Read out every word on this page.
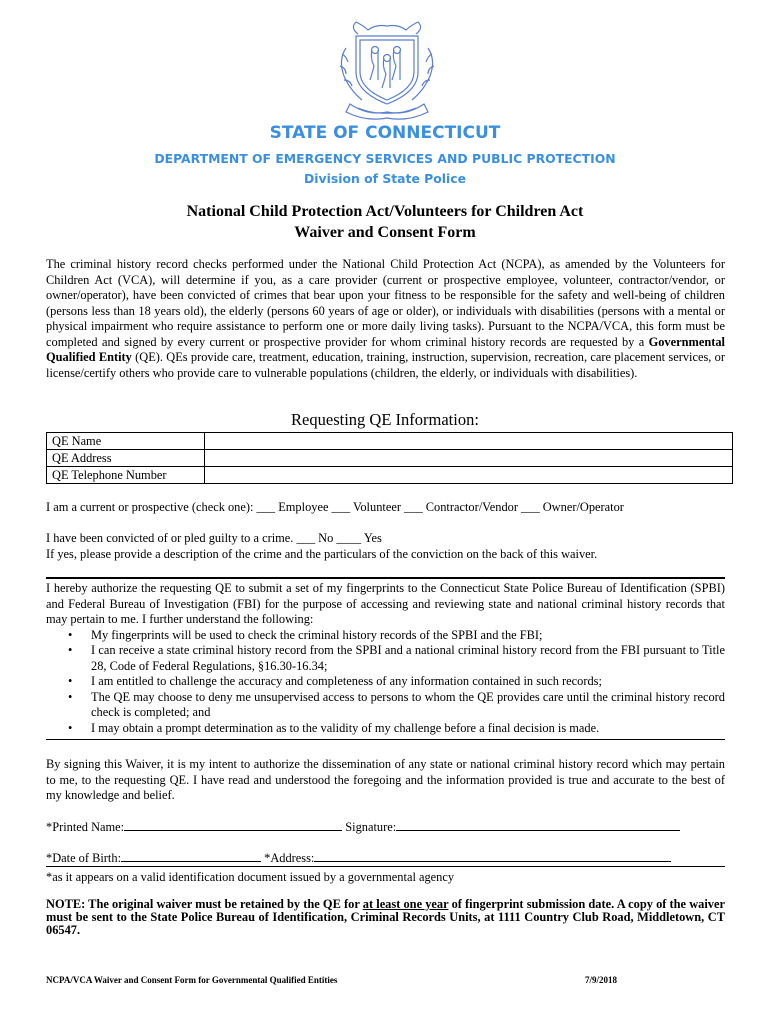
STATE OF CONNECTICUT
DEPARTMENT OF EMERGENCY SERVICES AND PUBLIC PROTECTION
Division of State Police
National Child Protection Act/Volunteers for Children Act
Waiver and Consent Form
The criminal history record checks performed under the National Child Protection Act (NCPA), as amended by the Volunteers for Children Act (VCA), will determine if you, as a care provider (current or prospective employee, volunteer, contractor/vendor, or owner/operator), have been convicted of crimes that bear upon your fitness to be responsible for the safety and well-being of children (persons less than 18 years old), the elderly (persons 60 years of age or older), or individuals with disabilities (persons with a mental or physical impairment who require assistance to perform one or more daily living tasks). Pursuant to the NCPA/VCA, this form must be completed and signed by every current or prospective provider for whom criminal history records are requested by a Governmental Qualified Entity (QE). QEs provide care, treatment, education, training, instruction, supervision, recreation, care placement services, or license/certify others who provide care to vulnerable populations (children, the elderly, or individuals with disabilities).
Requesting QE Information:
QE Name	
QE Address	
QE Telephone Number	
I am a current or prospective (check one): ___ Employee ___ Volunteer ___ Contractor/Vendor ___ Owner/Operator
I have been convicted of or pled guilty to a crime. ___ No ____ Yes
If yes, please provide a description of the crime and the particulars of the conviction on the back of this waiver.
I hereby authorize the requesting QE to submit a set of my fingerprints to the Connecticut State Police Bureau of Identification (SPBI) and Federal Bureau of Investigation (FBI) for the purpose of accessing and reviewing state and national criminal history records that may pertain to me. I further understand the following:
• My fingerprints will be used to check the criminal history records of the SPBI and the FBI;
• I can receive a state criminal history record from the SPBI and a national criminal history record from the FBI pursuant to Title 28, Code of Federal Regulations, §16.30-16.34;
• I am entitled to challenge the accuracy and completeness of any information contained in such records;
• The QE may choose to deny me unsupervised access to persons to whom the QE provides care until the criminal history record check is completed; and
• I may obtain a prompt determination as to the validity of my challenge before a final decision is made.
By signing this Waiver, it is my intent to authorize the dissemination of any state or national criminal history record which may pertain to me, to the requesting QE. I have read and understood the foregoing and the information provided is true and accurate to the best of my knowledge and belief.
*Printed Name:	Signature:
*Date of Birth:	*Address:
*as it appears on a valid identification document issued by a governmental agency
NOTE: The original waiver must be retained by the QE for at least one year of fingerprint submission date. A copy of the waiver must be sent to the State Police Bureau of Identification, Criminal Records Units, at 1111 Country Club Road, Middletown, CT 06547.
NCPA/VCA Waiver and Consent Form for Governmental Qualified Entities	7/9/2018
